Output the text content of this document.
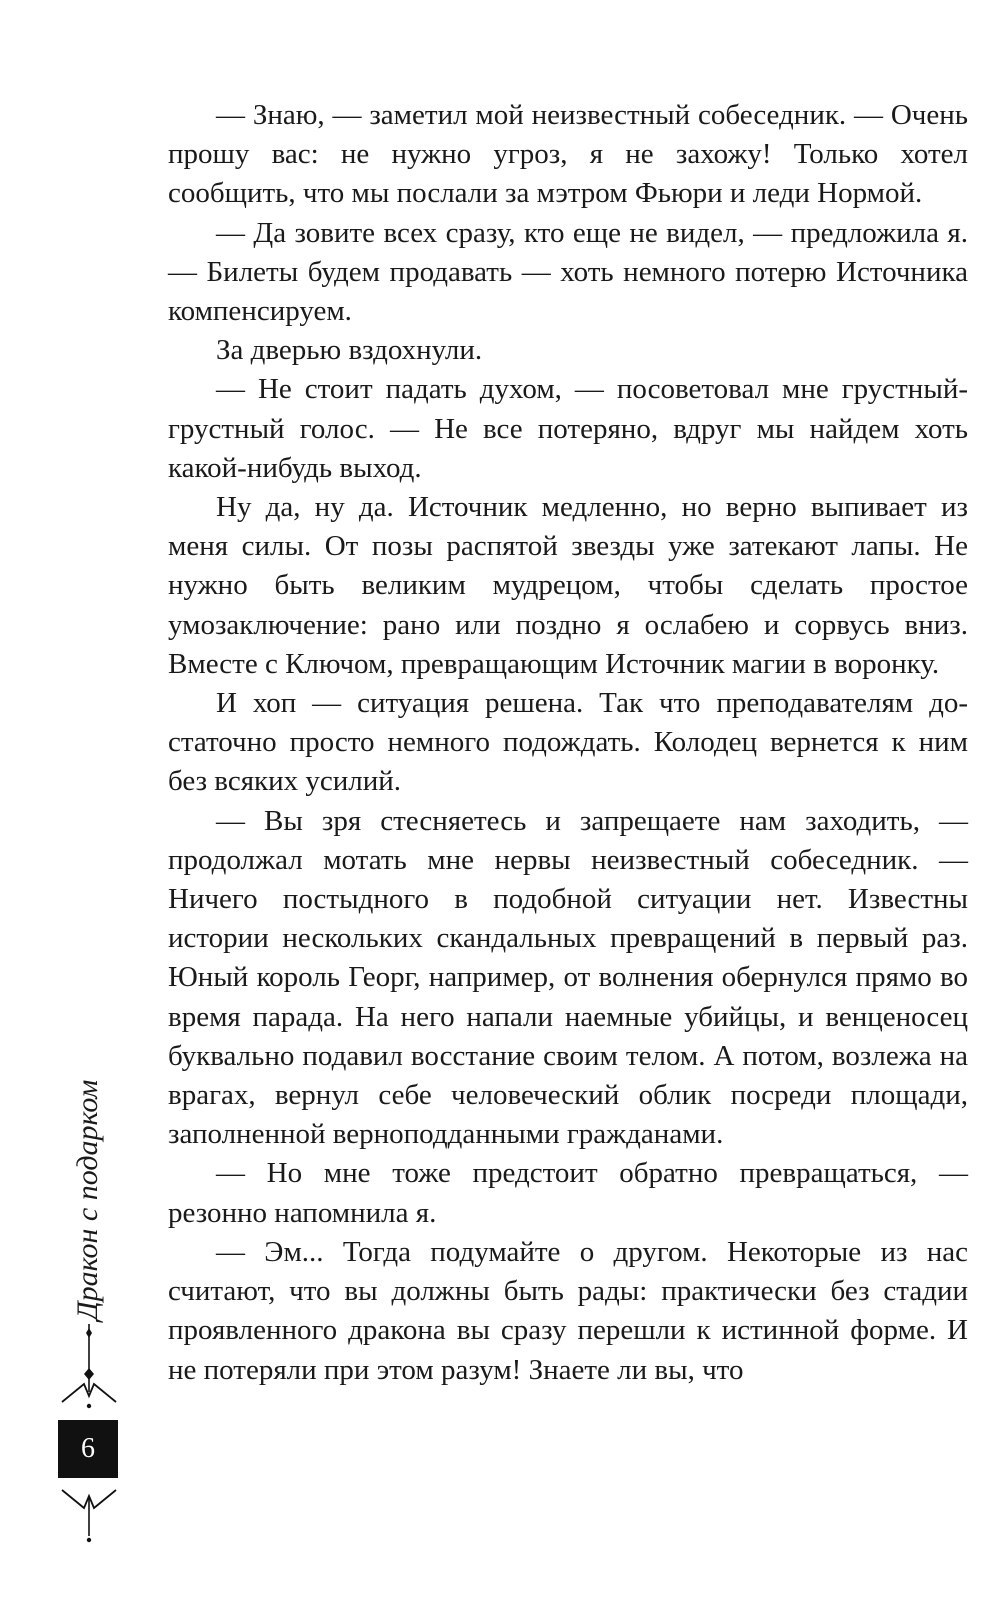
— Знаю, — заметил мой неизвестный собеседник. — Очень прошу вас: не нужно угроз, я не захожу! Только хотел сообщить, что мы послали за мэтром Фьюри и леди Нормой.

— Да зовите всех сразу, кто еще не видел, — предложила я. — Билеты будем продавать — хоть немного потерю Источника компенсируем.

За дверью вздохнули.

— Не стоит падать духом, — посоветовал мне грустный-грустный голос. — Не все потеряно, вдруг мы найдем хоть какой-нибудь выход.

Ну да, ну да. Источник медленно, но верно выпивает из меня силы. От позы распятой звезды уже затекают лапы. Не нужно быть великим мудрецом, чтобы сделать простое умозаключение: рано или поздно я ослабею и сорвусь вниз. Вместе с Ключом, превращающим Источник магии в воронку.

И хоп — ситуация решена. Так что преподавателям достаточно просто немного подождать. Колодец вернется к ним без всяких усилий.

— Вы зря стесняетесь и запрещаете нам заходить, — продолжал мотать мне нервы неизвестный собеседник. — Ничего постыдного в подобной ситуации нет. Известны истории нескольких скандальных превращений в первый раз. Юный король Георг, например, от волнения обернулся прямо во время парада. На него напали наемные убийцы, и венценосец буквально подавил восстание своим телом. А потом, возлежа на врагах, вернул себе человеческий облик посреди площади, заполненной верноподданными гражданами.

— Но мне тоже предстоит обратно превращаться, — резонно напомнила я.

— Эм... Тогда подумайте о другом. Некоторые из нас считают, что вы должны быть рады: практически без стадии проявленного дракона вы сразу перешли к истинной форме. И не потеряли при этом разум! Знаете ли вы, что

Дракон с подарком
6
